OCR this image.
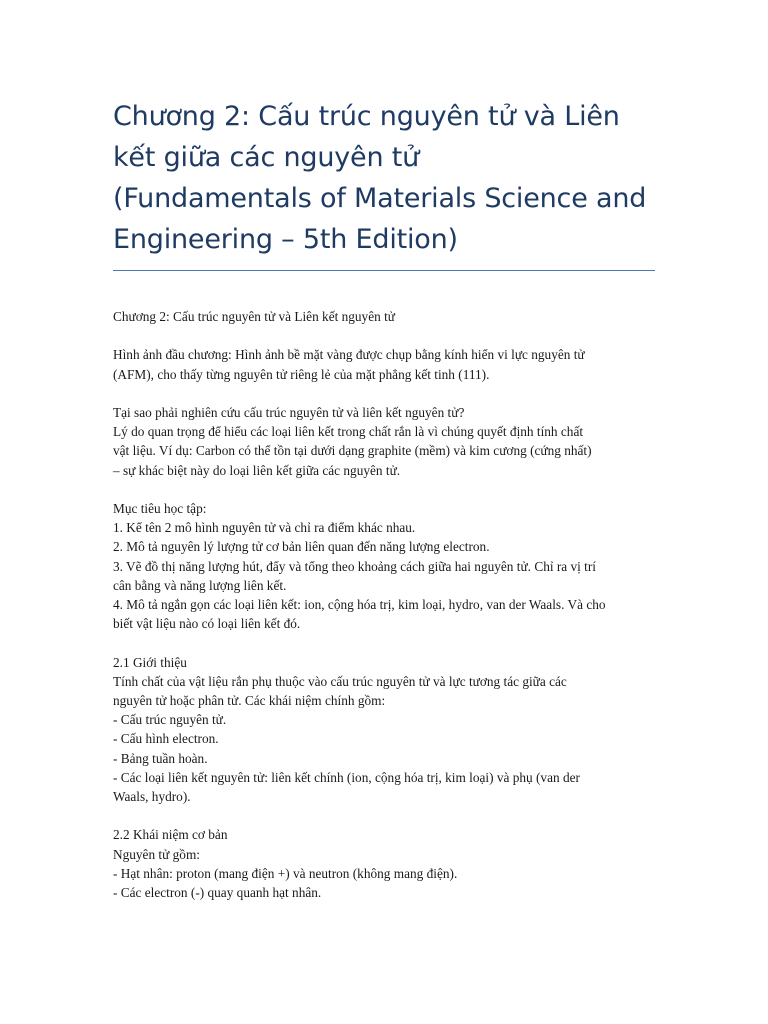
Chương 2: Cấu trúc nguyên tử và Liên
kết giữa các nguyên tử
(Fundamentals of Materials Science and
Engineering – 5th Edition)

Chương 2: Cấu trúc nguyên tử và Liên kết nguyên tử

Hình ảnh đầu chương: Hình ảnh bề mặt vàng được chụp bằng kính hiển vi lực nguyên tử
(AFM), cho thấy từng nguyên tử riêng lẻ của mặt phẳng kết tinh (111).

Tại sao phải nghiên cứu cấu trúc nguyên tử và liên kết nguyên tử?
Lý do quan trọng để hiểu các loại liên kết trong chất rắn là vì chúng quyết định tính chất
vật liệu. Ví dụ: Carbon có thể tồn tại dưới dạng graphite (mềm) và kim cương (cứng nhất)
– sự khác biệt này do loại liên kết giữa các nguyên tử.

Mục tiêu học tập:
1. Kể tên 2 mô hình nguyên tử và chỉ ra điểm khác nhau.
2. Mô tả nguyên lý lượng tử cơ bản liên quan đến năng lượng electron.
3. Vẽ đồ thị năng lượng hút, đẩy và tổng theo khoảng cách giữa hai nguyên tử. Chỉ ra vị trí
cân bằng và năng lượng liên kết.
4. Mô tả ngắn gọn các loại liên kết: ion, cộng hóa trị, kim loại, hydro, van der Waals. Và cho
biết vật liệu nào có loại liên kết đó.

2.1 Giới thiệu
Tính chất của vật liệu rắn phụ thuộc vào cấu trúc nguyên tử và lực tương tác giữa các
nguyên tử hoặc phân tử. Các khái niệm chính gồm:
- Cấu trúc nguyên tử.
- Cấu hình electron.
- Bảng tuần hoàn.
- Các loại liên kết nguyên tử: liên kết chính (ion, cộng hóa trị, kim loại) và phụ (van der
Waals, hydro).

2.2 Khái niệm cơ bản
Nguyên tử gồm:
- Hạt nhân: proton (mang điện +) và neutron (không mang điện).
- Các electron (-) quay quanh hạt nhân.
